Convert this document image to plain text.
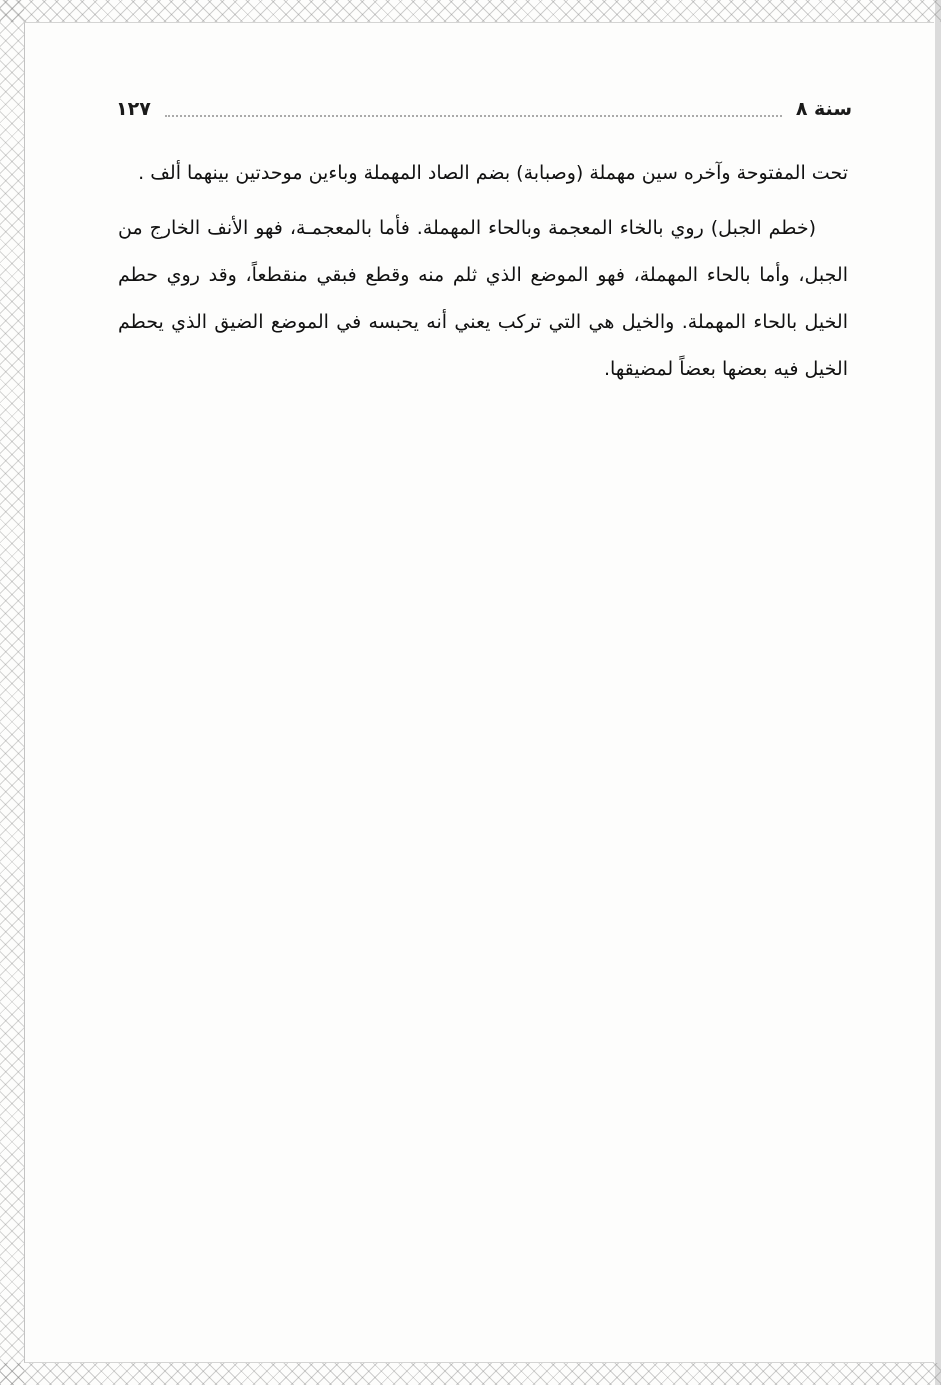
سنة ٨
١٢٧

تحت المفتوحة وآخره سين مهملة (وصبابة) بضم الصاد المهملة وباءين موحدتين بينهما ألف .

(خطم الجبل) روي بالخاء المعجمة وبالحاء المهملة. فأما بالمعجمـة، فهو الأنف الخارج من الجبل، وأما بالحاء المهملة، فهو الموضع الذي ثلم منه وقطع فبقي منقطعاً، وقد روي حطم الخيل بالحاء المهملة. والخيل هي التي تركب يعني أنه يحبسه في الموضع الضيق الذي يحطم الخيل فيه بعضها بعضاً لمضيقها.
